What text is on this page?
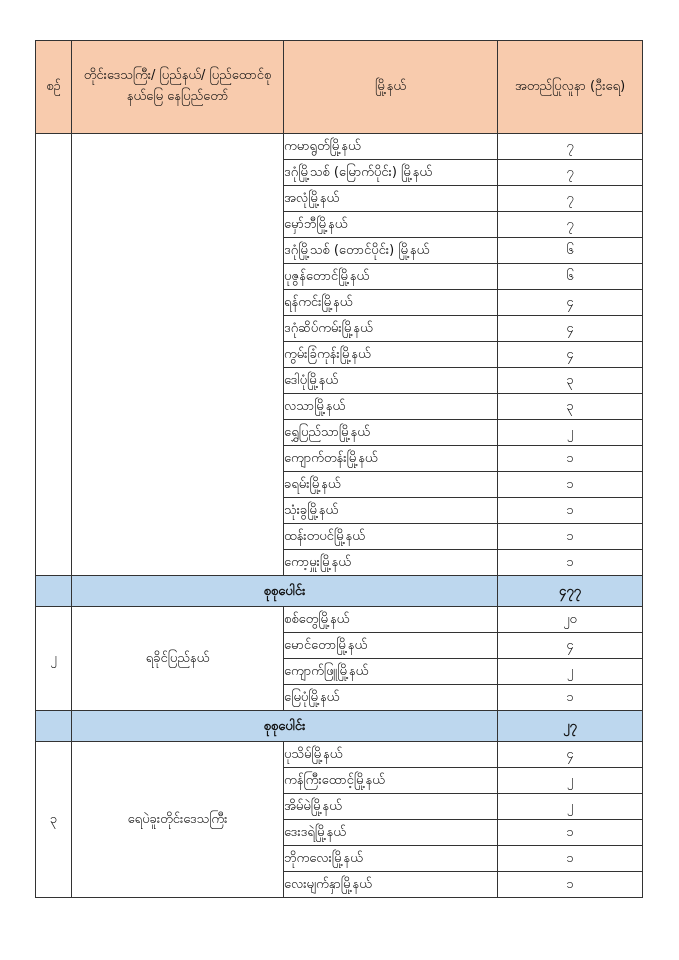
စဉ်	တိုင်းဒေသကြီး/ ပြည်နယ်/ ပြည်ထောင်စုနယ်မြေ နေပြည်တော်	မြို့နယ်	အတည်ပြုလူနာ (ဦးရေ)
		ကမာရွတ်မြို့နယ်	၇
		ဒဂုံမြို့သစ် (မြောက်ပိုင်း) မြို့နယ်	၇
		အလုံမြို့နယ်	၇
		မှော်ဘီမြို့နယ်	၇
		ဒဂုံမြို့သစ် (တောင်ပိုင်း) မြို့နယ်	၆
		ပုဇွန်တောင်မြို့နယ်	၆
		ရန်ကင်းမြို့နယ်	၄
		ဒဂုံဆိပ်ကမ်းမြို့နယ်	၄
		ကွမ်းခြံကုန်းမြို့နယ်	၄
		ဒေါပုံမြို့နယ်	၃
		လသာမြို့နယ်	၃
		ရွှေပြည်သာမြို့နယ်	၂
		ကျောက်တန်းမြို့နယ်	၁
		ခရမ်းမြို့နယ်	၁
		သုံးခွမြို့နယ်	၁
		ထန်းတပင်မြို့နယ်	၁
		ကော့မှူးမြို့နယ်	၁
	စုစုပေါင်း		၄၇၇
၂	ရခိုင်ပြည်နယ်	စစ်တွေမြို့နယ်	၂၀
		မောင်တောမြို့နယ်	၄
		ကျောက်ဖြူမြို့နယ်	၂
		မြေပုံမြို့နယ်	၁
	စုစုပေါင်း		၂၇
၃	ရေပဲခူးတိုင်းဒေသကြီး	ပုသိမ်မြို့နယ်	၄
		ကန်ကြီးထောင့်မြို့နယ်	၂
		အိမ်မဲမြို့နယ်	၂
		ဒေးဒရဲမြို့နယ်	၁
		ဘိုကလေးမြို့နယ်	၁
		လေးမျက်နှာမြို့နယ်	၁
